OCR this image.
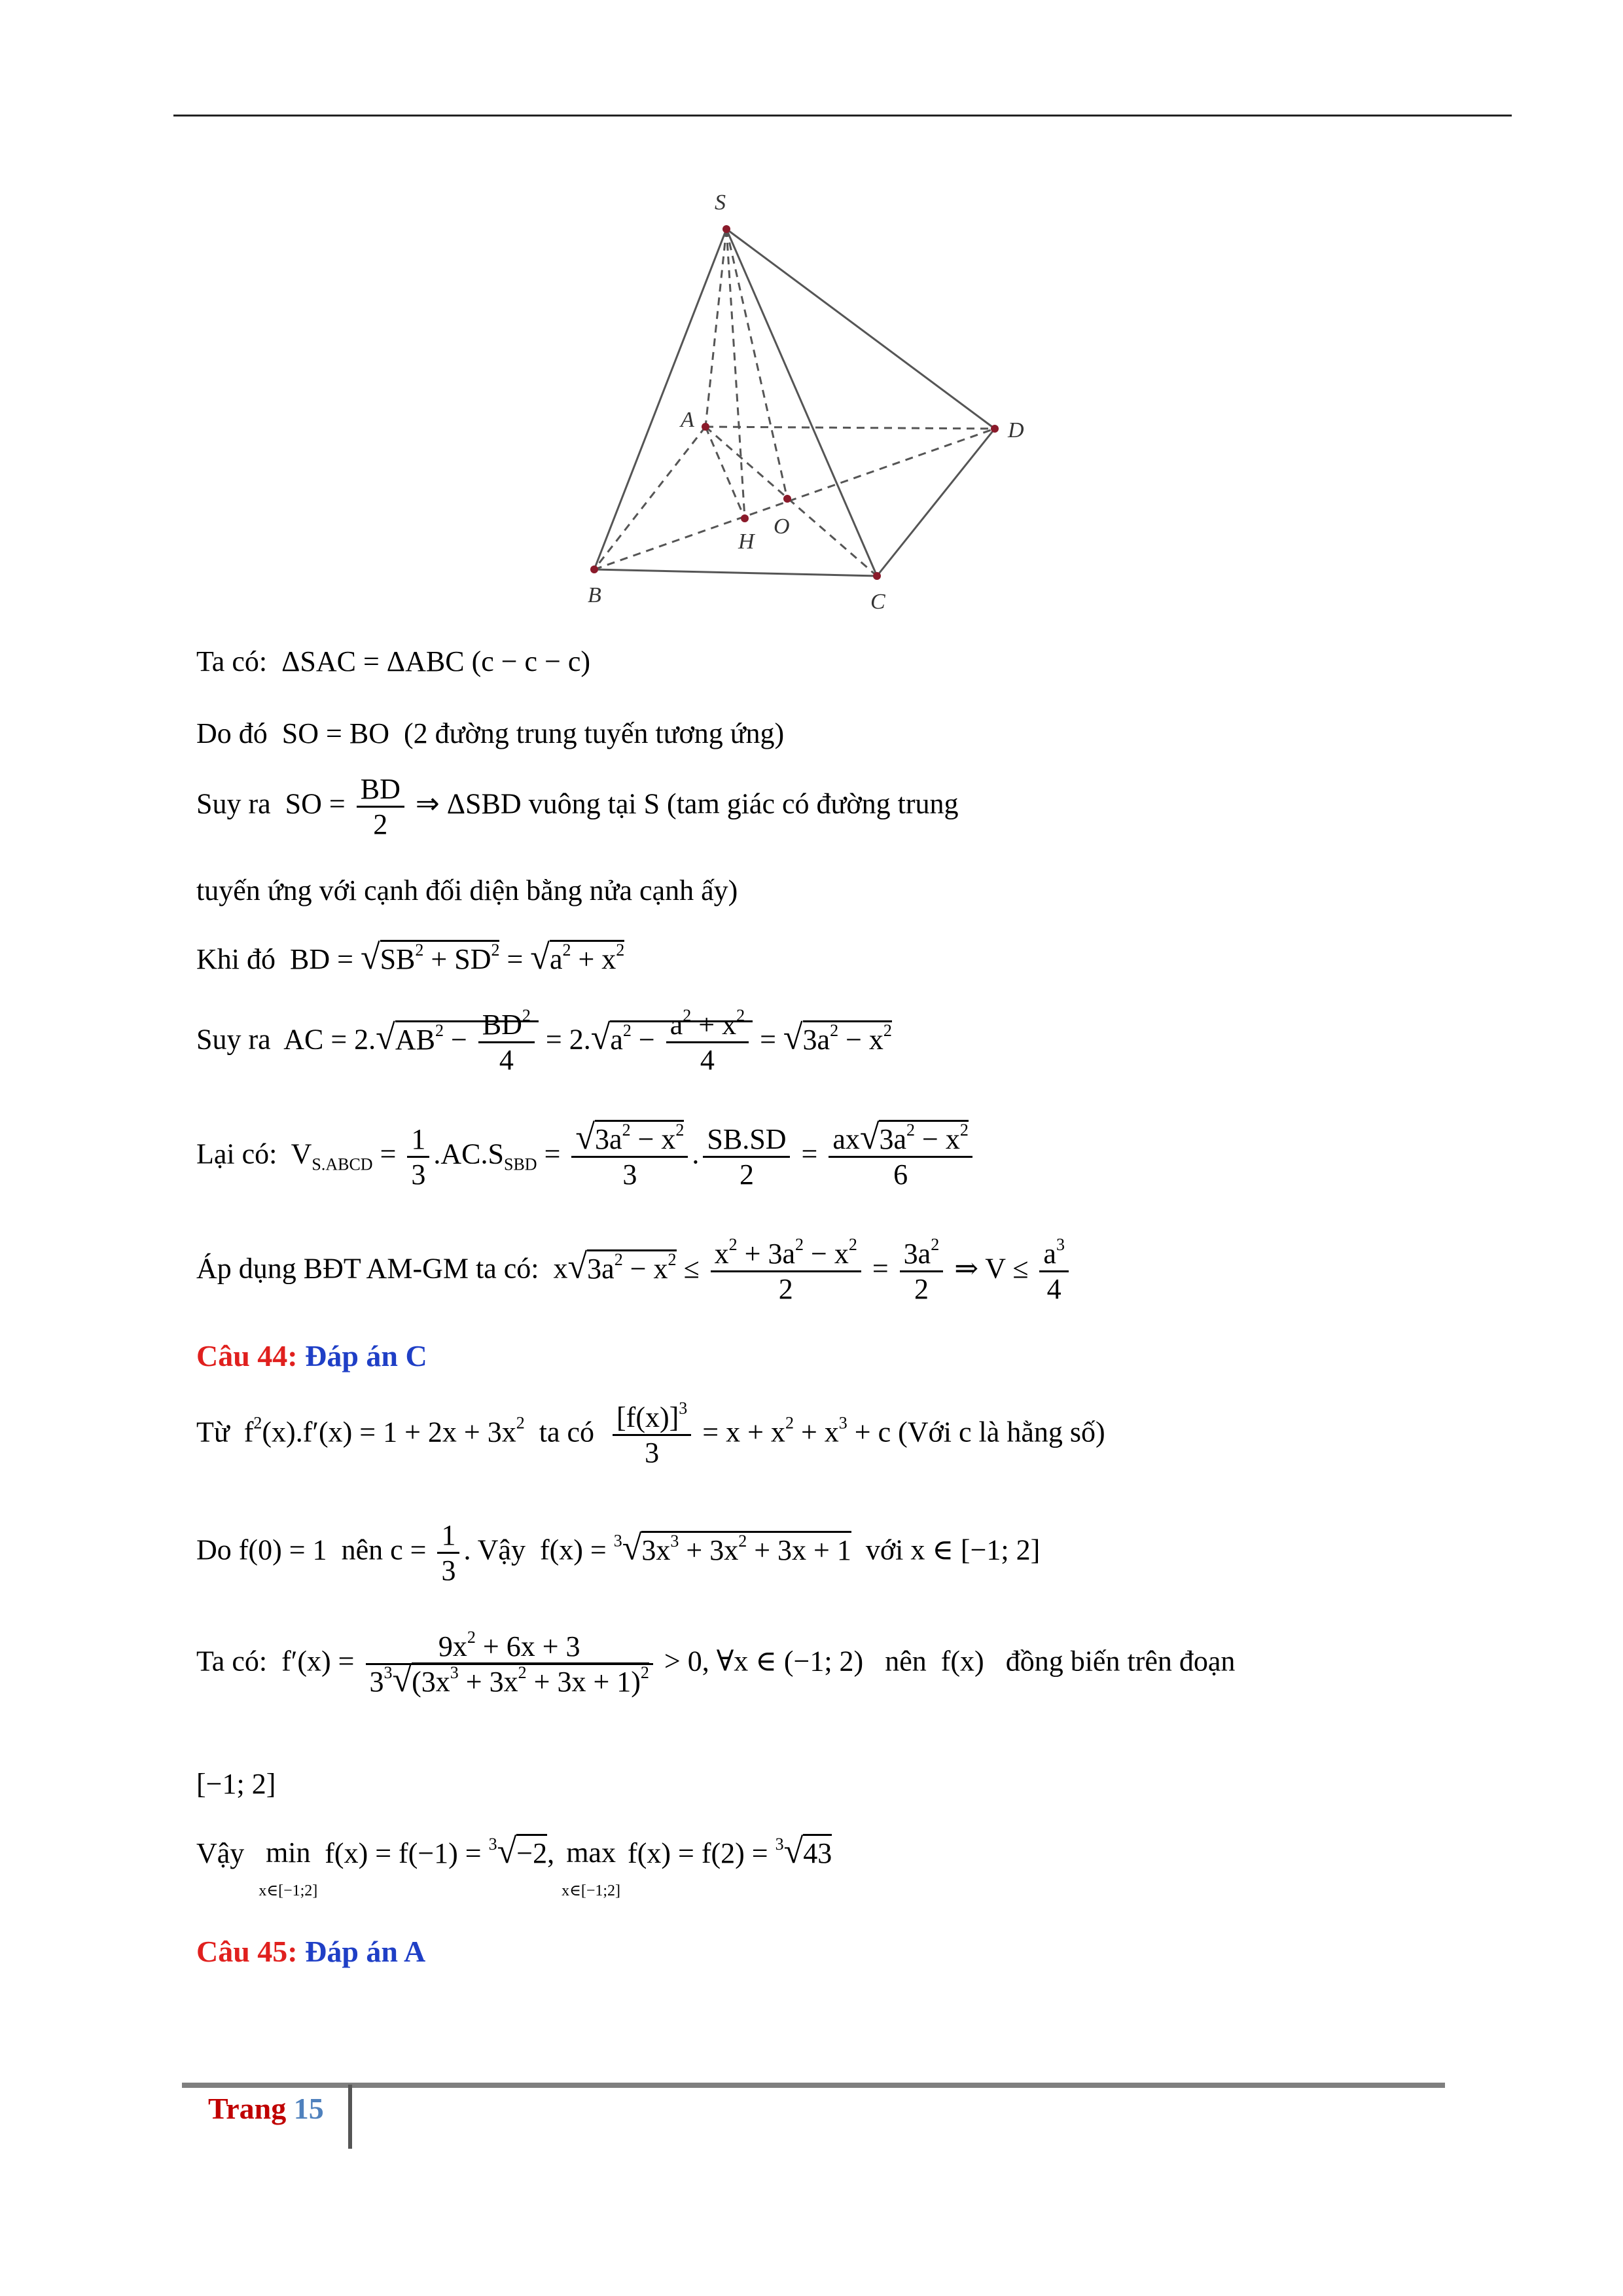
S
A	D
B	C
O
H
Ta có: ΔSAC = ΔABC (c − c − c)
Do đó SO = BO (2 đường trung tuyến tương ứng)
Suy ra SO = $\frac{BD}{2}$ ⇒ ΔSBD vuông tại S (tam giác có đường trung
tuyến ứng với cạnh đối diện bằng nửa cạnh ấy)
Khi đó  BD = $√SB^2 + SD^2 = √a^2 + x^2$
Suy ra  AC = $2.√AB^2 - \frac{BD^2}{4} = 2.√a^2 - \frac{a^2 + x^2}{4} = √3a^2 - x^2$
Lại có:  $V_{S.ABCD} = \frac{1}{3} .AC.S_{SBD} = \frac{√3a^2 - x^2}{3}$ . $\frac{SB.SD}{2} = \frac{ax√3a^2 - x^2}{6}$
Áp dụng BĐT AM-GM ta có:  $x√3a^2 - x^2 \le \frac{x^2 + 3a^2 - x^2}{2} = \frac{3a^2}{2}$ ⇒ $V \le \frac{a^3}{4}$
Câu 44: Đáp án C
Từ  $f^2(x).f'(x) = 1 + 2x + 3x^2$ ta có $\frac{[f(x)]^3}{3} = x + x^2 + x^3 + c$ (Với c là hằng số)
Do f(0) = 1  nên $c = \frac{1}{3}$ . Vậy  $f(x) = ^3√3x^3 + 3x^2 + 3x + 1$ với x ∈ [−1; 2]
Ta có:  $f'(x) = \frac{9x^2 + 6x + 3}{3^3√(3x^3 + 3x^2 + 3x + 1)^2} > 0$, ∀x ∈ (−1; 2)   nên  f(x)   đồng biến trên đoạn
[−1; 2]
Vậy min
x∈[−1;2] f(x) = f(−1) = $^3$√−2, max
x∈[−1;2] f(x) = f(2) = $^3$√43
Câu 45: Đáp án A
Trang 15
